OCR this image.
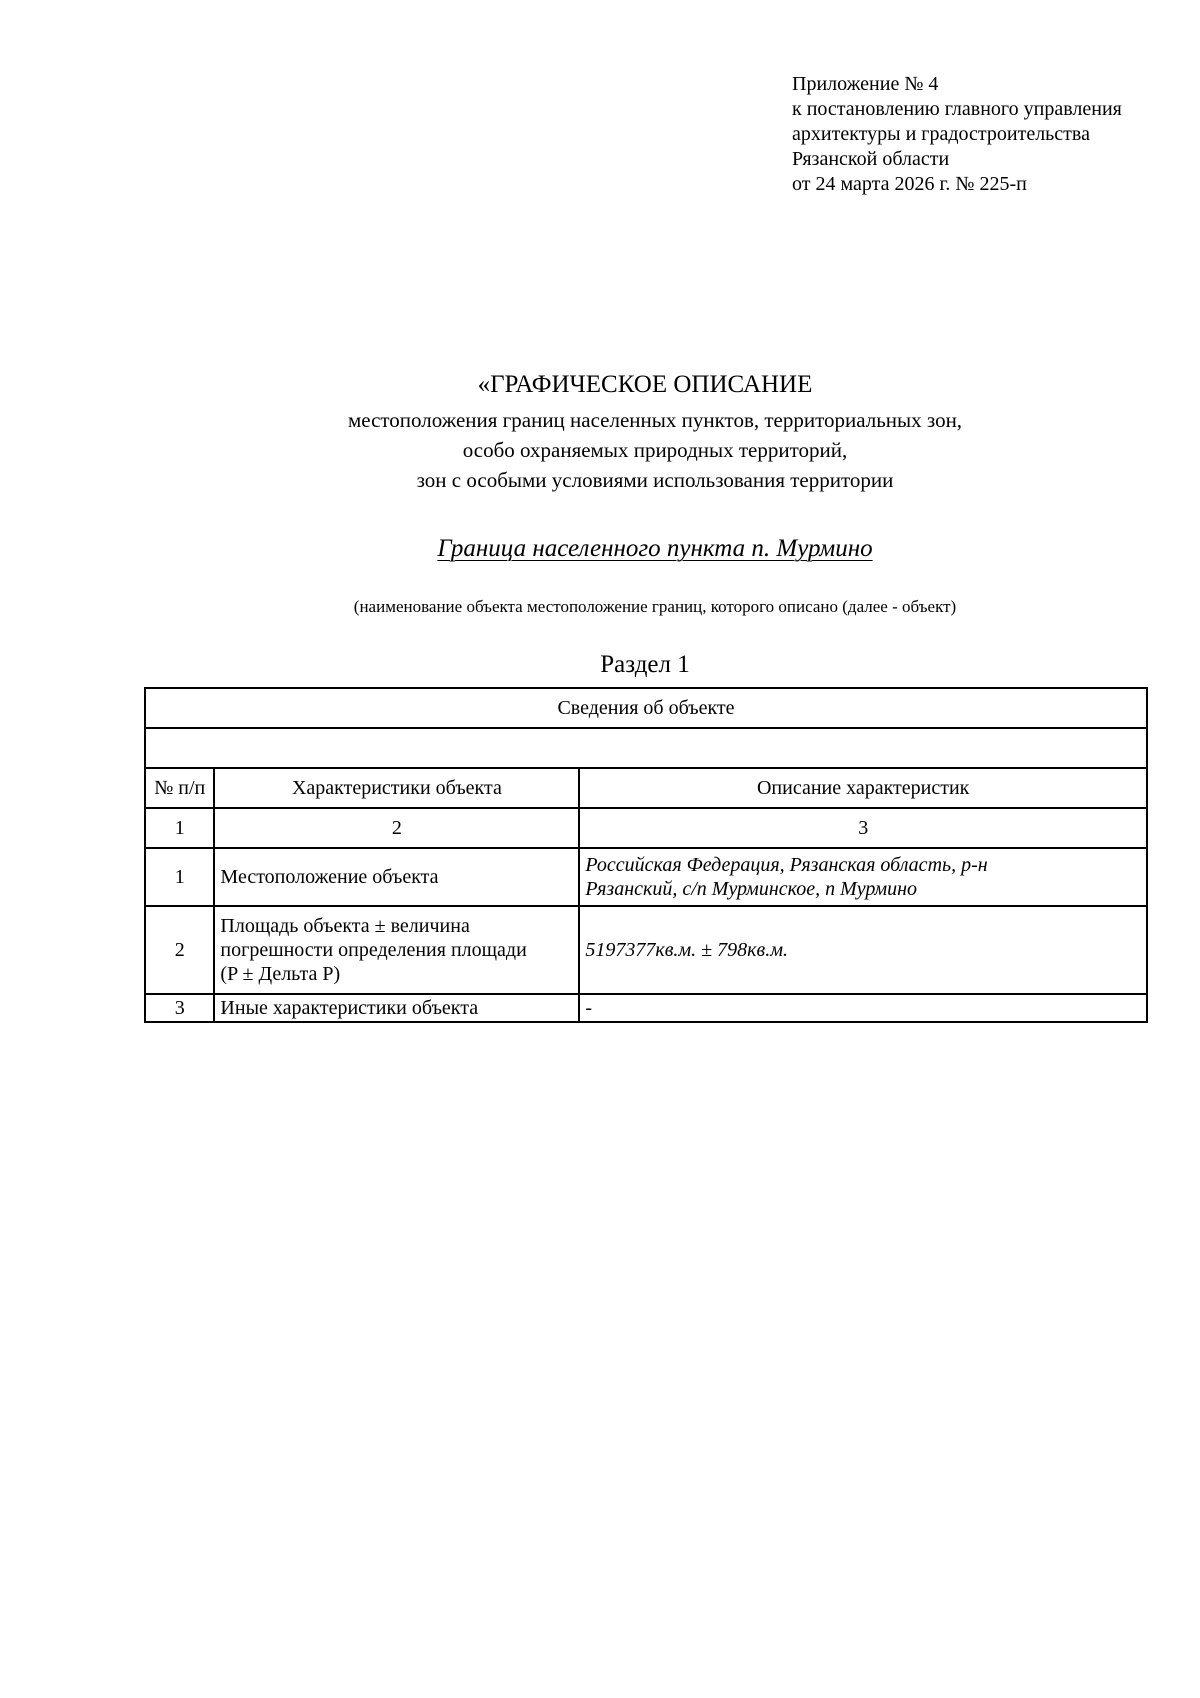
Приложение № 4
к постановлению главного управления
архитектуры и градостроительства
Рязанской области
от 24 марта 2026 г. № 225-п
«ГРАФИЧЕСКОЕ ОПИСАНИЕ
местоположения границ населенных пунктов, территориальных зон,
особо охраняемых природных территорий,
зон с особыми условиями использования территории
Граница населенного пункта п. Мурмино
(наименование объекта местоположение границ, которого описано (далее - объект)
Раздел 1
Сведения об объекте		

№ п/п	Характеристики объекта	Описание характеристик
1	2	3
1	Местоположение объекта	Российская Федерация, Рязанская область, р-н
Рязанский, с/п Мурминское, п Мурмино

2	Площадь объекта ± величина
погрешности определения площади
(P ± Дельта P)	5197377кв.м. ± 798кв.м.
3	Иные характеристики объекта	-
